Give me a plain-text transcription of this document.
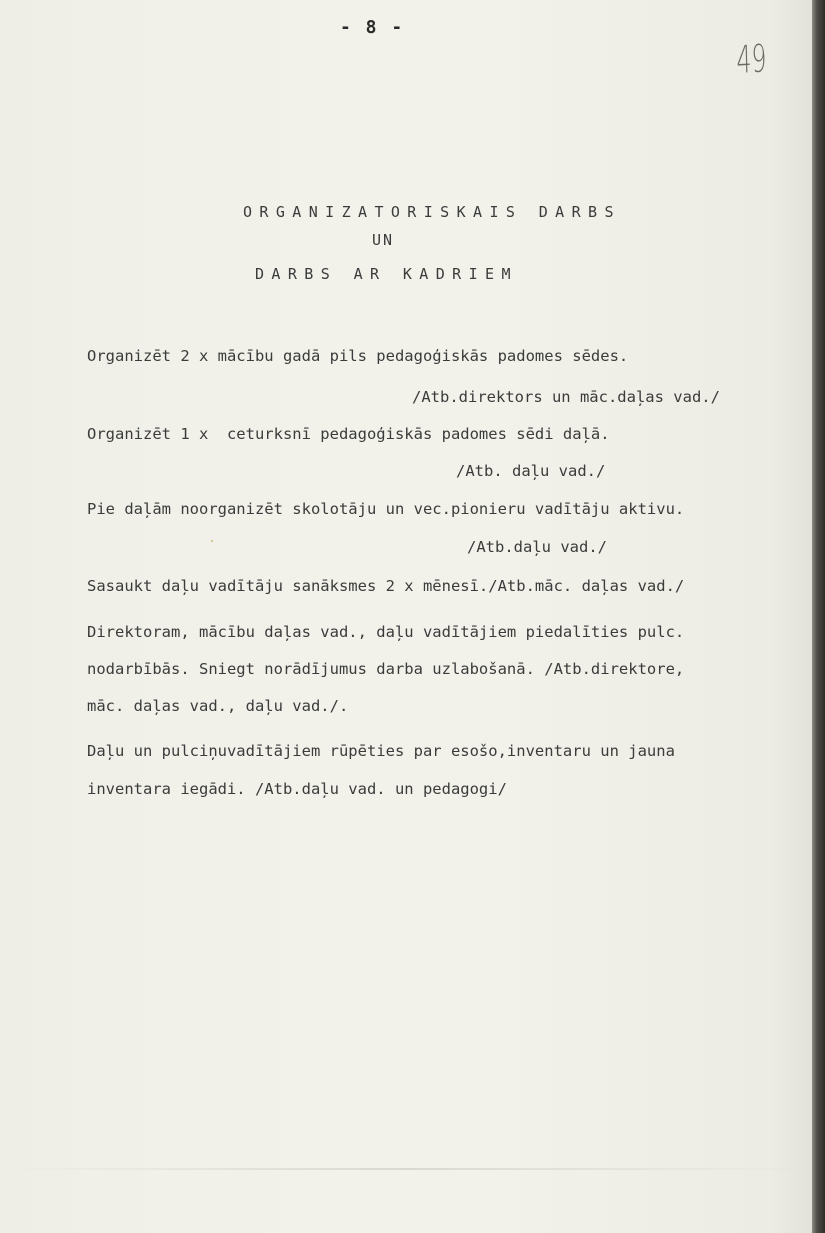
- 8 -
49
ORGANIZATORISKAIS DARBS
UN
DARBS AR KADRIEM
Organizēt 2 x mācību gadā pils pedagoģiskās padomes sēdes.
/Atb.direktors un māc.daļas vad./
Organizēt 1 x  ceturksnī pedagoģiskās padomes sēdi daļā.
/Atb. daļu vad./
Pie daļām noorganizēt skolotāju un vec.pionieru vadītāju aktivu.
/Atb.daļu vad./
Sasaukt daļu vadītāju sanāksmes 2 x mēnesī./Atb.māc. daļas vad./
Direktoram, mācību daļas vad., daļu vadītājiem piedalīties pulc.
nodarbībās. Sniegt norādījumus darba uzlabošanā. /Atb.direktore,
māc. daļas vad., daļu vad./.
Daļu un pulciņuvadītājiem rūpēties par esošo,inventaru un jauna
inventara iegādi. /Atb.daļu vad. un pedagogi/
